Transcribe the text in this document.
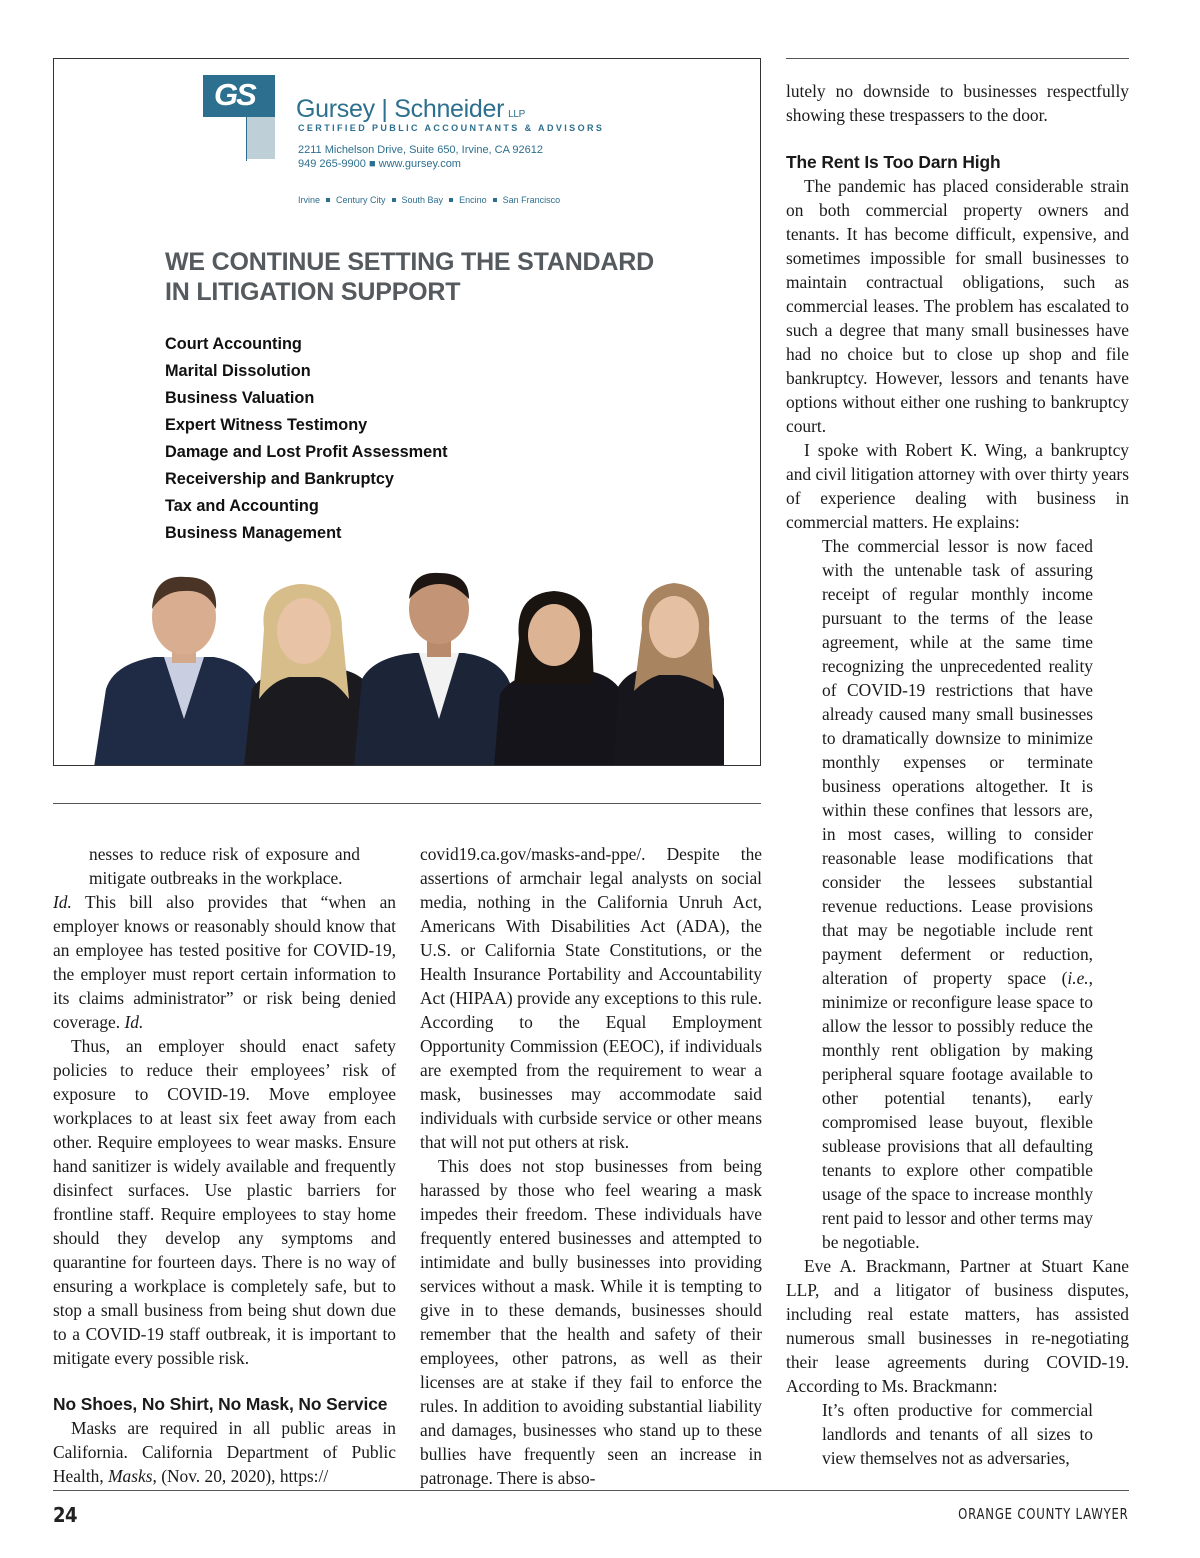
GS Gursey | Schneider LLP
CERTIFIED PUBLIC ACCOUNTANTS & ADVISORS
2211 Michelson Drive, Suite 650, Irvine, CA 92612
949 265-9900 ■ www.gursey.com
Irvine Century City South Bay Encino San Francisco
WE CONTINUE SETTING THE STANDARD
IN LITIGATION SUPPORT
Court Accounting
Marital Dissolution
Business Valuation
Expert Witness Testimony
Damage and Lost Profit Assessment
Receivership and Bankruptcy
Tax and Accounting
Business Management

lutely no downside to businesses respectfully showing these trespassers to the door.

The Rent Is Too Darn High

The pandemic has placed considerable strain on both commercial property owners and tenants. It has become difficult, expensive, and sometimes impossible for small businesses to maintain contractual obligations, such as commercial leases. The problem has escalated to such a degree that many small businesses have had no choice but to close up shop and file bankruptcy. However, lessors and tenants have options without either one rushing to bankruptcy court.

I spoke with Robert K. Wing, a bankruptcy and civil litigation attorney with over thirty years of experience dealing with business in commercial matters. He explains:

The commercial lessor is now faced with the untenable task of assuring receipt of regular monthly income pursuant to the terms of the lease agreement, while at the same time recognizing the unprecedented reality of COVID-19 restrictions that have already caused many small businesses to dramatically downsize to minimize monthly expenses or terminate business operations altogether. It is within these confines that lessors are, in most cases, willing to consider reasonable lease modifications that consider the lessees substantial revenue reductions. Lease provisions that may be negotiable include rent payment deferment or reduction, alteration of property space (i.e., minimize or reconfigure lease space to allow the lessor to possibly reduce the monthly rent obligation by making peripheral square footage available to other potential tenants), early compromised lease buyout, flexible sublease provisions that all defaulting tenants to explore other compatible usage of the space to increase monthly rent paid to lessor and other terms may be negotiable.

Eve A. Brackmann, Partner at Stuart Kane LLP, and a litigator of business disputes, including real estate matters, has assisted numerous small businesses in re-negotiating their lease agreements during COVID-19. According to Ms. Brackmann:

It’s often productive for commercial landlords and tenants of all sizes to view themselves not as adversaries,

nesses to reduce risk of exposure and mitigate outbreaks in the workplace.

Id. This bill also provides that “when an employer knows or reasonably should know that an employee has tested positive for COVID-19, the employer must report certain information to its claims administrator” or risk being denied coverage. Id.

Thus, an employer should enact safety policies to reduce their employees’ risk of exposure to COVID-19. Move employee workplaces to at least six feet away from each other. Require employees to wear masks. Ensure hand sanitizer is widely available and frequently disinfect surfaces. Use plastic barriers for frontline staff. Require employees to stay home should they develop any symptoms and quarantine for fourteen days. There is no way of ensuring a workplace is completely safe, but to stop a small business from being shut down due to a COVID-19 staff outbreak, it is important to mitigate every possible risk.

No Shoes, No Shirt, No Mask, No Service

Masks are required in all public areas in California. California Department of Public Health, Masks, (Nov. 20, 2020), https://

covid19.ca.gov/masks-and-ppe/. Despite the assertions of armchair legal analysts on social media, nothing in the California Unruh Act, Americans With Disabilities Act (ADA), the U.S. or California State Constitutions, or the Health Insurance Portability and Accountability Act (HIPAA) provide any exceptions to this rule. According to the Equal Employment Opportunity Commission (EEOC), if individuals are exempted from the requirement to wear a mask, businesses may accommodate said individuals with curbside service or other means that will not put others at risk.

This does not stop businesses from being harassed by those who feel wearing a mask impedes their freedom. These individuals have frequently entered businesses and attempted to intimidate and bully businesses into providing services without a mask. While it is tempting to give in to these demands, businesses should remember that the health and safety of their employees, other patrons, as well as their licenses are at stake if they fail to enforce the rules. In addition to avoiding substantial liability and damages, businesses who stand up to these bullies have frequently seen an increase in patronage. There is abso-

24	ORANGE COUNTY LAWYER
